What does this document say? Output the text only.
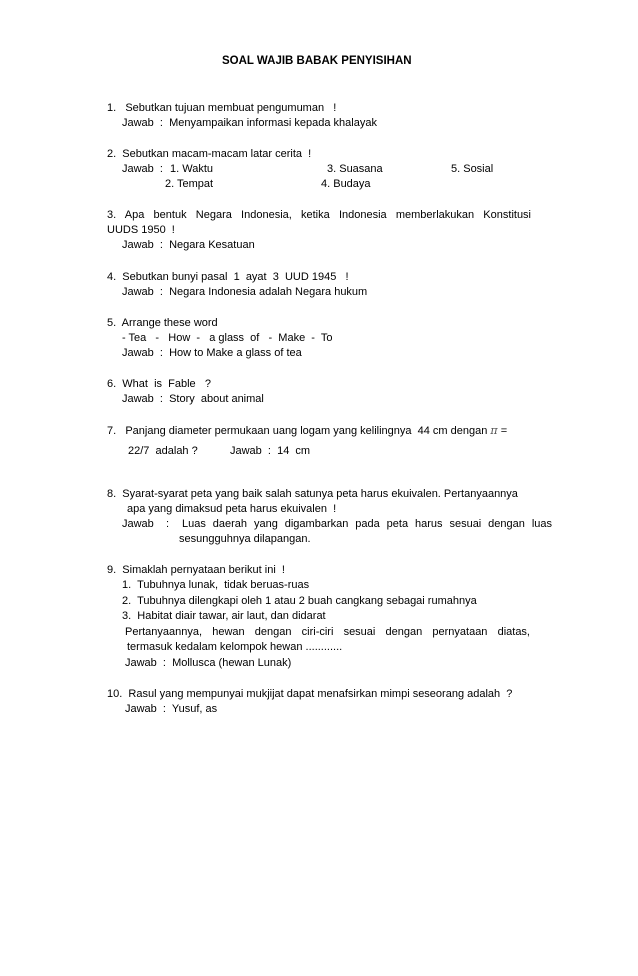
SOAL WAJIB BABAK PENYISIHAN
1.   Sebutkan tujuan membuat pengumuman   !
Jawab  :  Menyampaikan informasi kepada khalayak
2.  Sebutkan macam-macam latar cerita  !
Jawab  : 1. Waktu
2. Tempat
3. Suasana
4. Budaya
5. Sosial
3. Apa bentuk Negara Indonesia, ketika Indonesia memberlakukan Konstitusi
UUDS 1950  !
Jawab  :  Negara Kesatuan
4.  Sebutkan bunyi pasal  1  ayat  3  UUD 1945   !
Jawab  :  Negara Indonesia adalah Negara hukum
5.  Arrange these word
- Tea   -   How  -   a glass  of   -  Make  -  To
Jawab  :  How to Make a glass of tea
6.  What  is  Fable   ?
Jawab  :  Story  about animal
7.   Panjang diameter permukaan uang logam yang kelilingnya  44 cm dengan π =
22/7  adalah ?	Jawab  :  14  cm
8.  Syarat-syarat peta yang baik salah satunya peta harus ekuivalen. Pertanyaannya
apa yang dimaksud peta harus ekuivalen  !
Jawab    : Luas daerah yang digambarkan pada peta harus sesuai dengan luas
sesungguhnya dilapangan.
9.  Simaklah pernyataan berikut ini  !
1.  Tubuhnya lunak,  tidak beruas-ruas
2.  Tubuhnya dilengkapi oleh 1 atau 2 buah cangkang sebagai rumahnya
3.  Habitat diair tawar, air laut, dan didarat
Pertanyaannya, hewan dengan ciri-ciri sesuai dengan pernyataan diatas,
termasuk kedalam kelompok hewan ............
Jawab  :  Mollusca (hewan Lunak)
10.  Rasul yang mempunyai mukjijat dapat menafsirkan mimpi seseorang adalah  ?
Jawab  :  Yusuf, as
